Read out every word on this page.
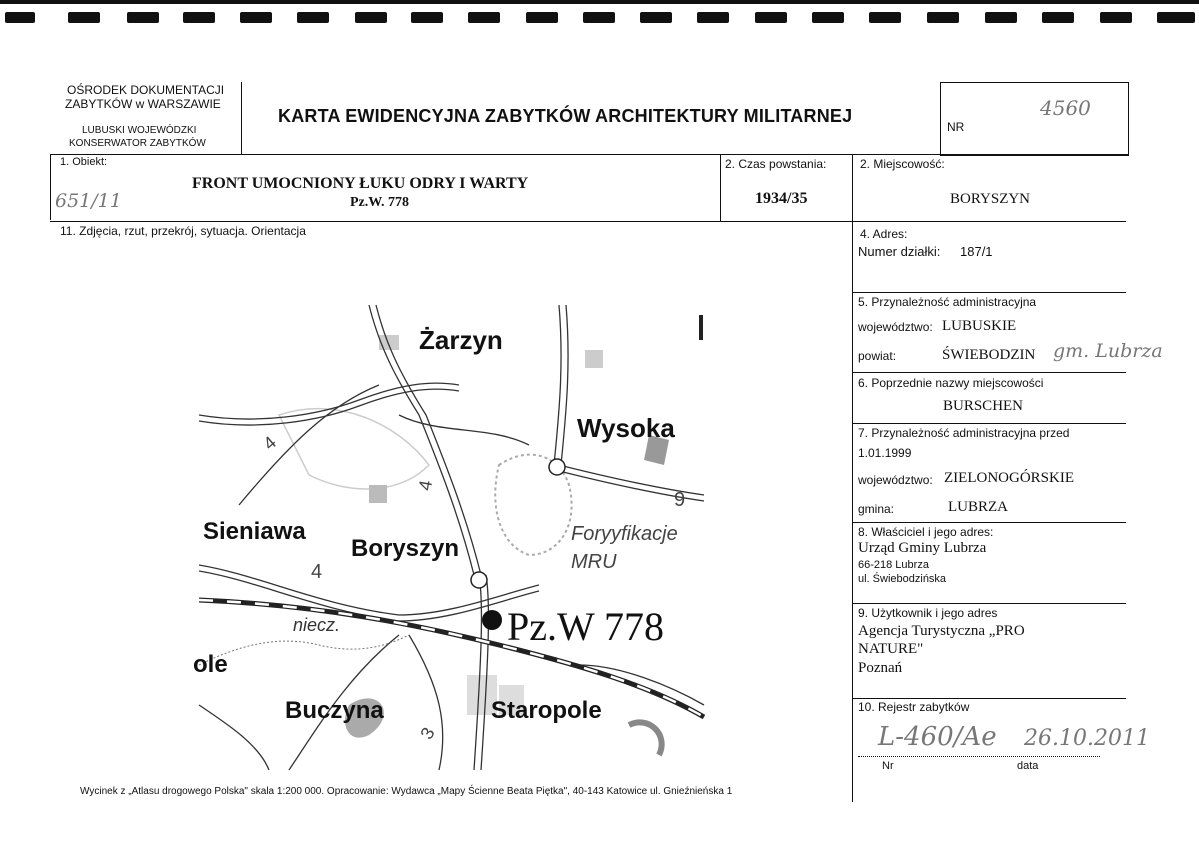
OŚRODEK DOKUMENTACJI
ZABYTKÓW w WARSZAWIE
LUBUSKI WOJEWÓDZKI
KONSERWATOR ZABYTKÓW
KARTA EWIDENCYJNA ZABYTKÓW ARCHITEKTURY MILITARNEJ
NR
4560
1. Obiekt:
FRONT UMOCNIONY ŁUKU ODRY I WARTY
Pz.W. 778
651/11
2. Czas powstania:
1934/35
2. Miejscowość:
BORYSZYN
11. Zdjęcia, rzut, przekrój, sytuacja. Orientacja
Żarzyn
Wysoka
Sieniawa
Boryszyn
Foryyfikacje
MRU
niecz.
ole
Buczyna	Staropole
Pz.W 778
4
4
9
4
3
Wycinek z „Atlasu drogowego Polska" skala 1:200 000. Opracowanie: Wydawca „Mapy Ścienne Beata Piętka", 40-143 Katowice ul. Gnieźnieńska 1
4. Adres:
Numer działki: 187/1
5. Przynależność administracyjna
województwo: LUBUSKIE
powiat:	ŚWIEBODZIN gm. Lubrza
6. Poprzednie nazwy miejscowości
BURSCHEN
7. Przynależność administracyjna przed
1.01.1999
województwo: ZIELONOGÓRSKIE
gmina:	LUBRZA
8. Właściciel i jego adres:
Urząd Gminy Lubrza
66-218 Lubrza
ul. Świebodzińska
9. Użytkownik i jego adres
Agencja Turystyczna „PRO
NATURE"
Poznań
10. Rejestr zabytków
L-460/Ae 26.10.2011
Nr	data
